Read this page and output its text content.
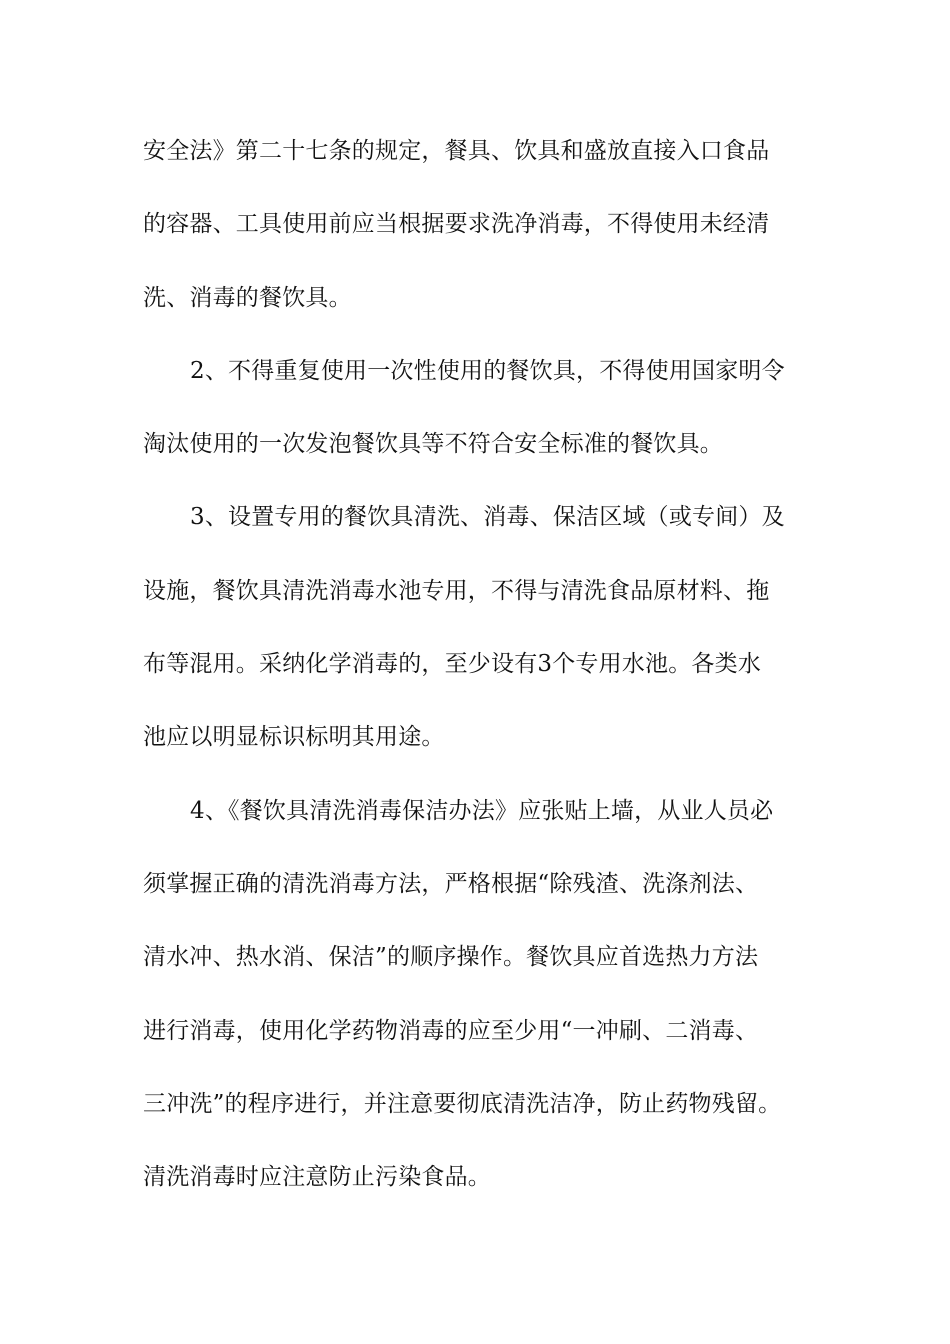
安全法》第二十七条的规定，餐具、饮具和盛放直接入口食品
的容器、工具使用前应当根据要求洗净消毒，不得使用未经清
洗、消毒的餐饮具。
2、不得重复使用一次性使用的餐饮具，不得使用国家明令
淘汰使用的一次发泡餐饮具等不符合安全标准的餐饮具。
3、设置专用的餐饮具清洗、消毒、保洁区域（或专间）及
设施，餐饮具清洗消毒水池专用，不得与清洗食品原材料、拖
布等混用。采纳化学消毒的，至少设有3个专用水池。各类水
池应以明显标识标明其用途。
4、《餐饮具清洗消毒保洁办法》应张贴上墙，从业人员必
须掌握正确的清洗消毒方法，严格根据“除残渣、洗涤剂法、
清水冲、热水消、保洁”的顺序操作。餐饮具应首选热力方法
进行消毒，使用化学药物消毒的应至少用“一冲刷、二消毒、
三冲洗”的程序进行，并注意要彻底清洗洁净，防止药物残留。
清洗消毒时应注意防止污染食品。
